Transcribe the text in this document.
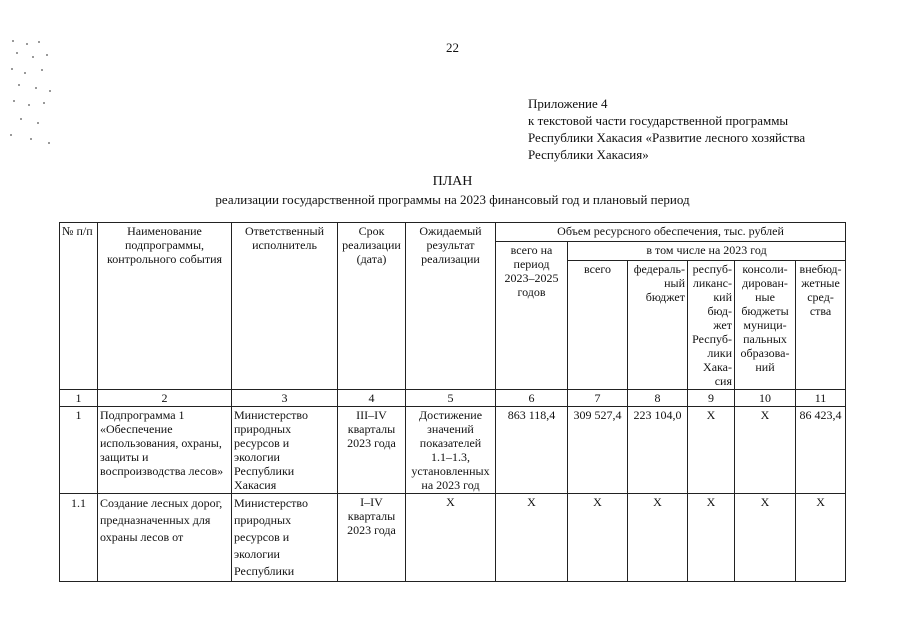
22
Приложение 4
к текстовой части государственной программы
Республики Хакасия «Развитие лесного хозяйства
Республики Хакасия»
ПЛАН
реализации государственной программы на 2023 финансовый год и плановый период
№ п/п	Наименование подпрограммы, контрольного события	Ответственный исполнитель	Срок реализации (дата)	Ожидаемый результат реализации	Объем ресурсного обеспечения, тыс. рублей					
					всего на период 2023–2025 годов	в том числе на 2023 год				
						всего	федераль-ный бюджет	респуб-ликанс-кий бюд-жет Респуб-лики Хака-сия	консоли-дирован-ные бюджеты муници-пальных образова-ний	внебюд-жетные сред-ства
1	2	3	4	5	6	7	8	9	10	11
1	Подпрограмма 1 «Обеспечение использования, охраны, защиты и воспроизводства лесов»	Министерство природных ресурсов и экологии Республики Хакасия	III–IV кварталы 2023 года	Достижение значений показателей 1.1–1.3, установленных на 2023 год	863 118,4	309 527,4	223 104,0	Х	Х	86 423,4
1.1	Создание лесных дорог, предназначенных для охраны лесов от	Министерство природных ресурсов и экологии Республики	I–IV кварталы 2023 года	Х	Х	Х	Х	Х	Х	Х
